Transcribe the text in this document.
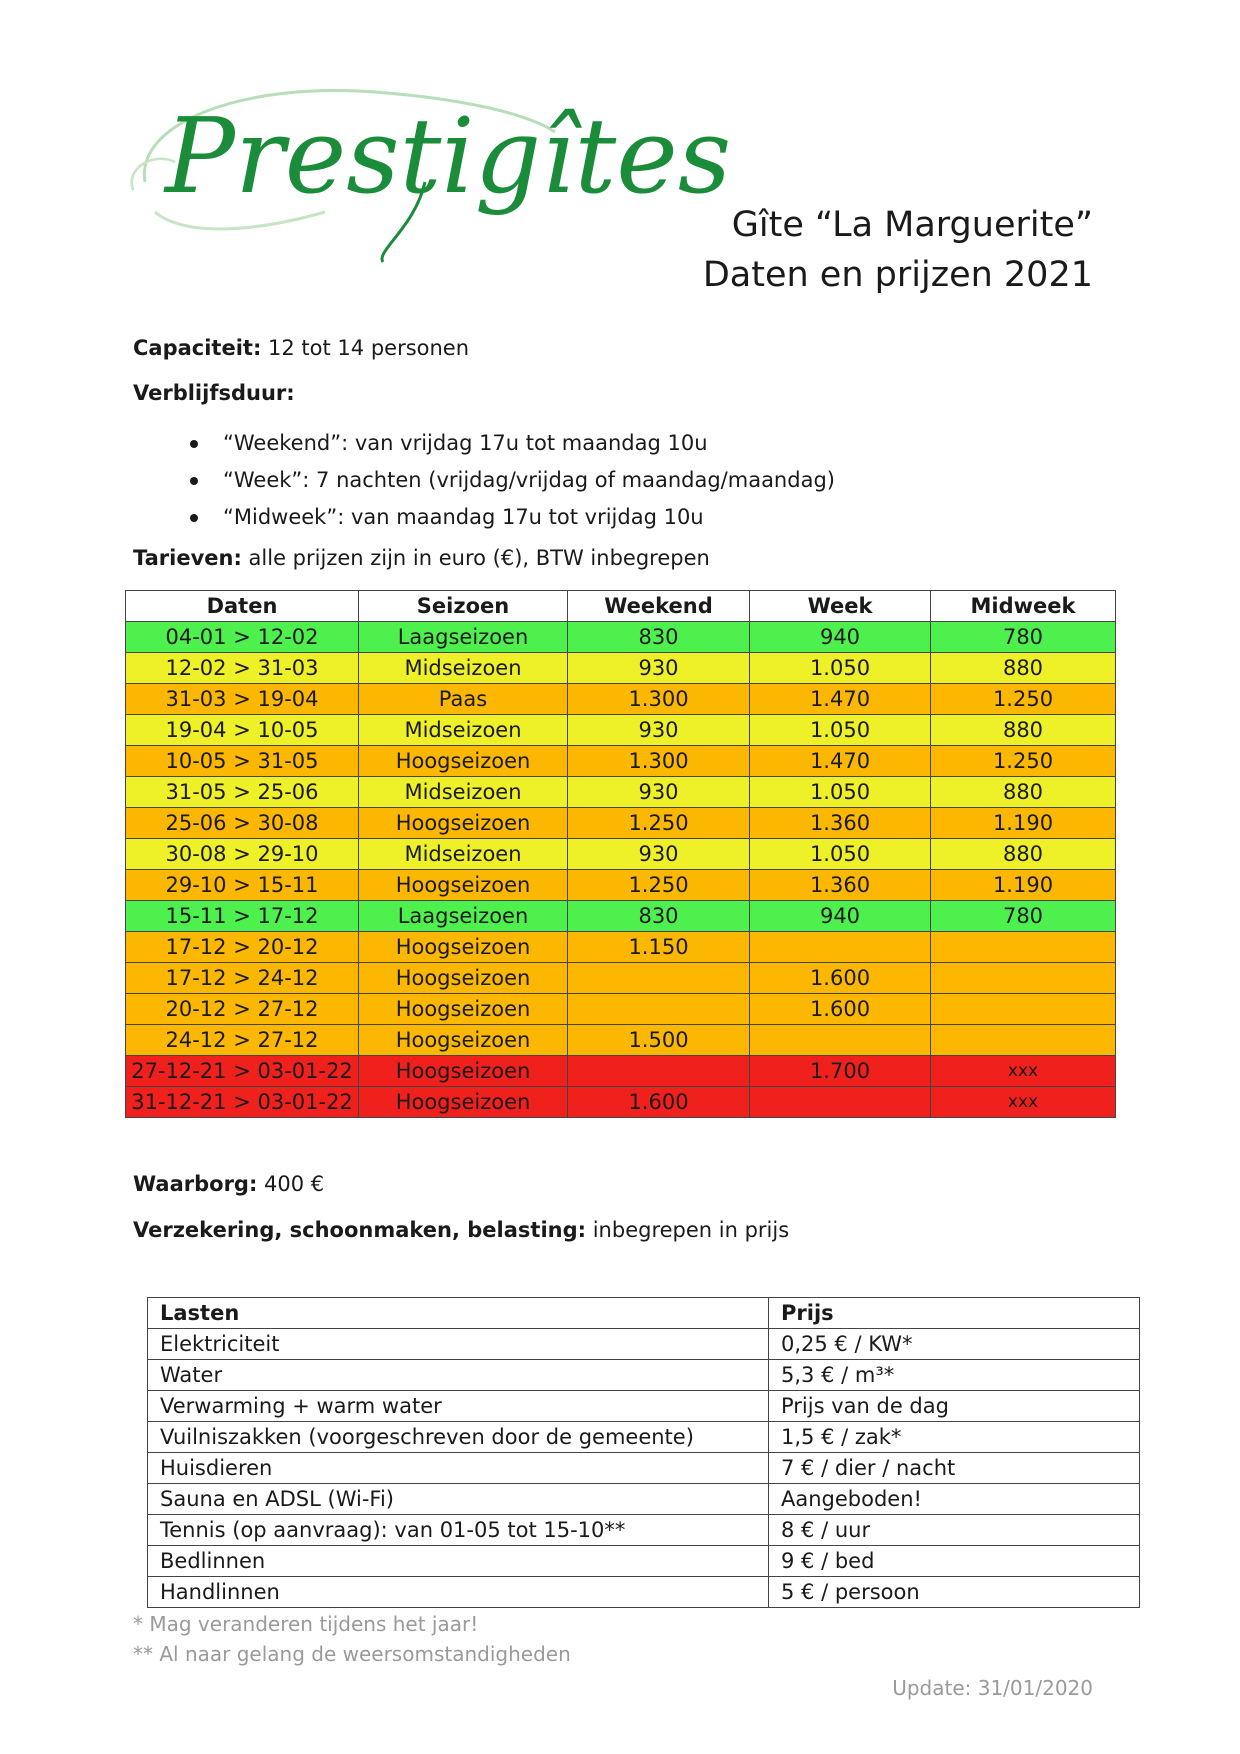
Prestigîtes
Gîte “La Marguerite”
Daten en prijzen 2021
Capaciteit: 12 tot 14 personen
Verblijfsduur:
“Weekend”: van vrijdag 17u tot maandag 10u
“Week”: 7 nachten (vrijdag/vrijdag of maandag/maandag)
“Midweek”: van maandag 17u tot vrijdag 10u
Tarieven: alle prijzen zijn in euro (€), BTW inbegrepen
Daten	Seizoen	Weekend	Week	Midweek
04-01 > 12-02	Laagseizoen	830	940	780
12-02 > 31-03	Midseizoen	930	1.050	880
31-03 > 19-04	Paas	1.300	1.470	1.250
19-04 > 10-05	Midseizoen	930	1.050	880
10-05 > 31-05	Hoogseizoen	1.300	1.470	1.250
31-05 > 25-06	Midseizoen	930	1.050	880
25-06 > 30-08	Hoogseizoen	1.250	1.360	1.190
30-08 > 29-10	Midseizoen	930	1.050	880
29-10 > 15-11	Hoogseizoen	1.250	1.360	1.190
15-11 > 17-12	Laagseizoen	830	940	780
17-12 > 20-12	Hoogseizoen	1.150		
17-12 > 24-12	Hoogseizoen		1.600	
20-12 > 27-12	Hoogseizoen		1.600	
24-12 > 27-12	Hoogseizoen	1.500		
27-12-21 > 03-01-22	Hoogseizoen		1.700	xxx
31-12-21 > 03-01-22	Hoogseizoen	1.600		xxx
Waarborg: 400 €
Verzekering, schoonmaken, belasting: inbegrepen in prijs
Lasten	Prijs
Elektriciteit	0,25 € / KW*
Water	5,3 € / m³*
Verwarming + warm water	Prijs van de dag
Vuilniszakken (voorgeschreven door de gemeente)	1,5 € / zak*
Huisdieren	7 € / dier / nacht
Sauna en ADSL (Wi-Fi)	Aangeboden!
Tennis (op aanvraag): van 01-05 tot 15-10**	8 € / uur
Bedlinnen	9 € / bed
Handlinnen	5 € / persoon
* Mag veranderen tijdens het jaar!
** Al naar gelang de weersomstandigheden
Update: 31/01/2020
